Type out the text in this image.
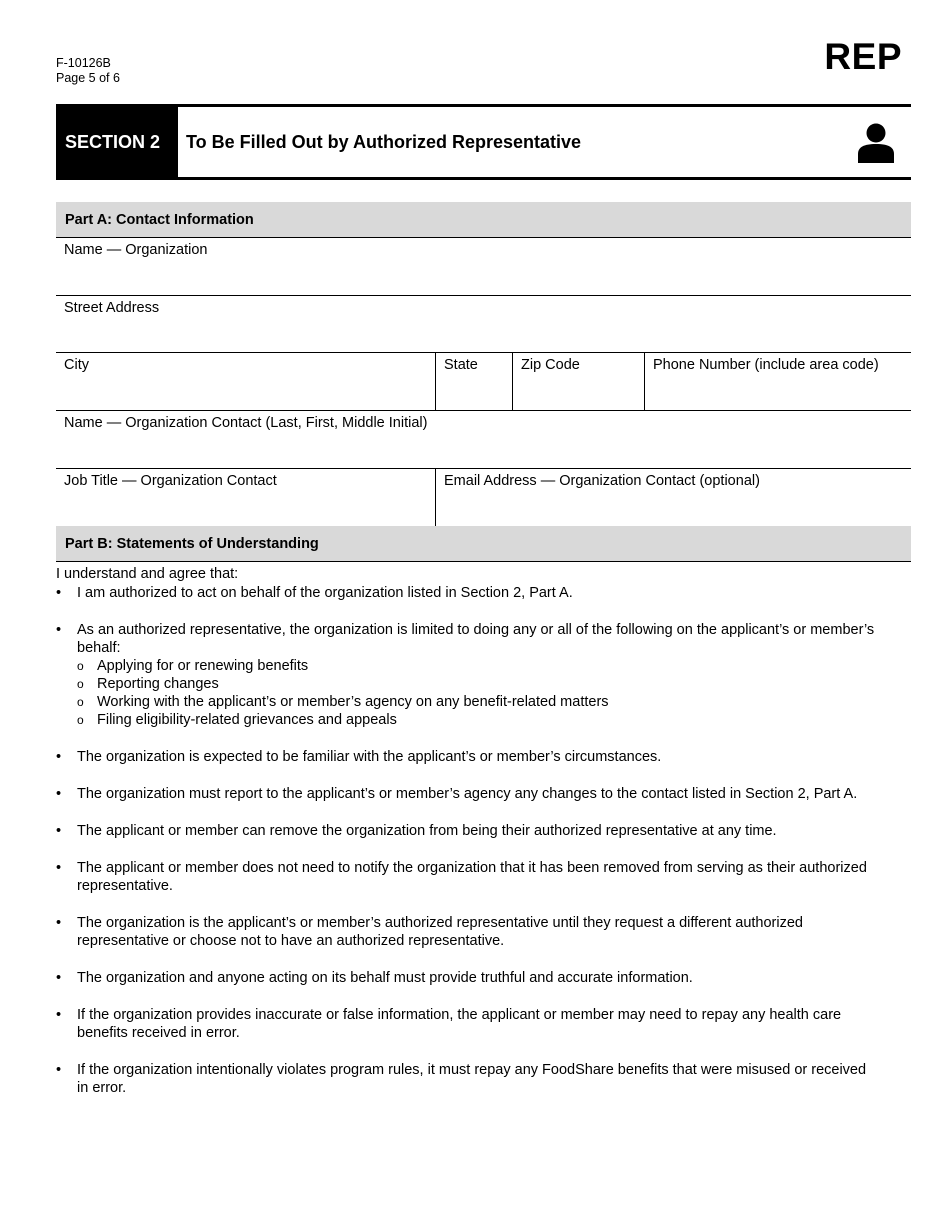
F-10126B
Page 5 of 6
REP
SECTION 2	To Be Filled Out by Authorized Representative
Part A: Contact Information
Name — Organization
Street Address
City	State	Zip Code	Phone Number (include area code)
Name — Organization Contact (Last, First, Middle Initial)
Job Title — Organization Contact	Email Address — Organization Contact (optional)
Part B: Statements of Understanding

I understand and agree that:

• I am authorized to act on behalf of the organization listed in Section 2, Part A.
• As an authorized representative, the organization is limited to doing any or all of the following on the applicant’s or member’s behalf:
o Applying for or renewing benefits
o Reporting changes
o Working with the applicant’s or member’s agency on any benefit-related matters
o Filing eligibility-related grievances and appeals
• The organization is expected to be familiar with the applicant’s or member’s circumstances.
• The organization must report to the applicant’s or member’s agency any changes to the contact listed in Section 2, Part A.
• The applicant or member can remove the organization from being their authorized representative at any time.
• The applicant or member does not need to notify the organization that it has been removed from serving as their authorized representative.
• The organization is the applicant’s or member’s authorized representative until they request a different authorized representative or choose not to have an authorized representative.
• The organization and anyone acting on its behalf must provide truthful and accurate information.
• If the organization provides inaccurate or false information, the applicant or member may need to repay any health care benefits received in error.
• If the organization intentionally violates program rules, it must repay any FoodShare benefits that were misused or received in error.
